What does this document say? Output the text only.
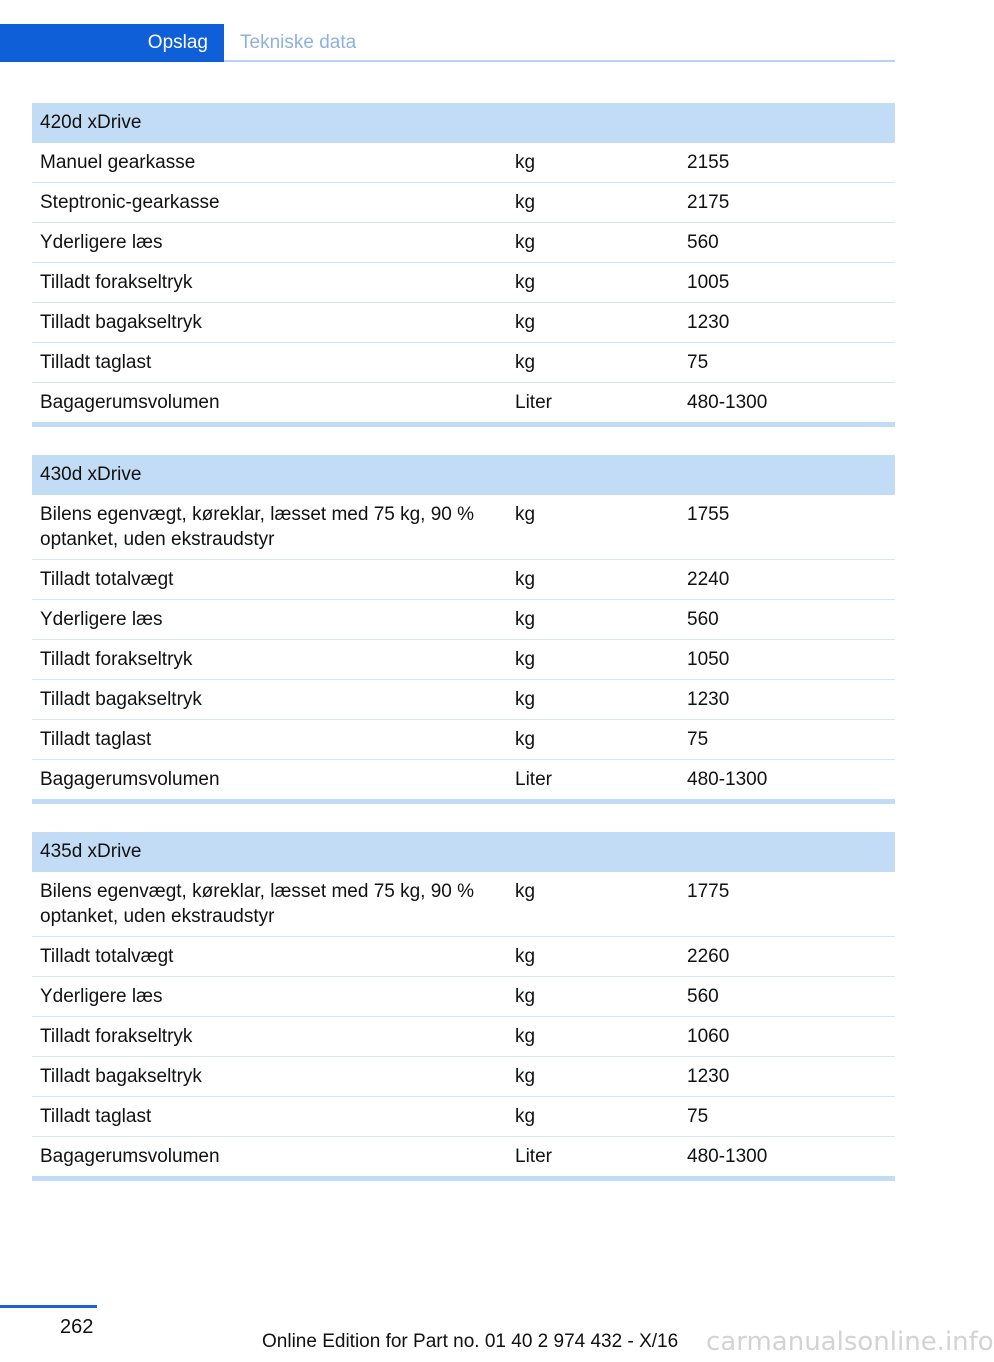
Opslag	Tekniske data
420d xDrive		
Manuel gearkasse	kg	2155
Steptronic-gearkasse	kg	2175
Yderligere læs	kg	560
Tilladt forakseltryk	kg	1005
Tilladt bagakseltryk	kg	1230
Tilladt taglast	kg	75
Bagagerumsvolumen	Liter	480-1300
430d xDrive		
Bilens egenvægt, køreklar, læsset med 75 kg, 90 % optanket, uden ekstraudstyr	kg	1755
Tilladt totalvægt	kg	2240
Yderligere læs	kg	560
Tilladt forakseltryk	kg	1050
Tilladt bagakseltryk	kg	1230
Tilladt taglast	kg	75
Bagagerumsvolumen	Liter	480-1300
435d xDrive		
Bilens egenvægt, køreklar, læsset med 75 kg, 90 % optanket, uden ekstraudstyr	kg	1775
Tilladt totalvægt	kg	2260
Yderligere læs	kg	560
Tilladt forakseltryk	kg	1060
Tilladt bagakseltryk	kg	1230
Tilladt taglast	kg	75
Bagagerumsvolumen	Liter	480-1300
262
Online Edition for Part no. 01 40 2 974 432 - X/16 carmanualsonline.info
